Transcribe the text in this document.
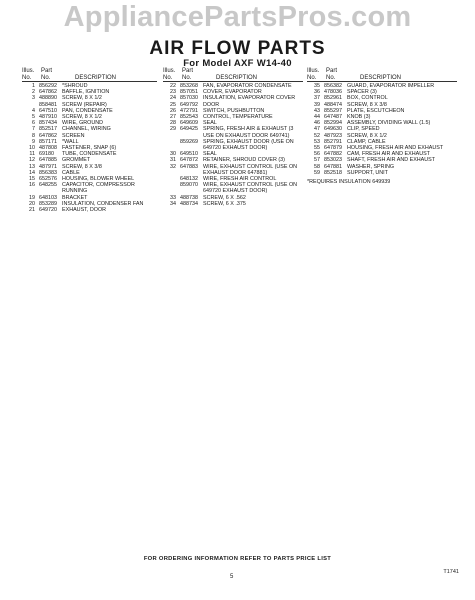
AppliancePartsPros.com
AIR FLOW PARTS
For Model AXF W14-40
Illus. Part
No. No.	DESCRIPTION
1 856292 *SHROUD
2 647862 BAFFLE, IGNITION
3 488890 SCREW, 8 X 1/2
858481 SCREW (REPAIR)
4 647510 PAN, CONDENSATE
5 487910 SCREW, 8 X 1/2
6 857434 WIRE, GROUND
7 852517 CHANNEL, WIRING
8 647862 SCREEN
9 857171 *WALL
10 487808 FASTENER, SNAP (6)
11 69180	TUBE, CONDENSATE
12 647885 GROMMET
13 487971 SCREW, 8 X 3/8
14 856383 CABLE
15 652576 HOUSING, BLOWER WHEEL
16 648255 CAPACITOR, COMPRESSOR RUNNING
19 648103 BRACKET
20 853289 INSULATION, CONDENSER FAN
21 649720 EXHAUST, DOOR
Illus. Part
No. No.	DESCRIPTION
22 853268 FAN, EVAPORATOR CONDENSATE
23 857051 COVER, EVAPORATOR
24 857030 INSULATION, EVAPORATOR COVER
25 649792 DOOR
26 472791 SWITCH, PUSHBUTTON
27 852543 CONTROL, TEMPERATURE
28 649609 SEAL
29 649425 SPRING, FRESH AIR & EXHAUST (3 USE ON EXHAUST DOOR 649741)
859269 SPRING, EXHAUST DOOR (USE ON 649720 EXHAUST DOOR)
30 649510 SEAL
31 647872 RETAINER, SHROUD COVER (3)
32 647883 WIRE, EXHAUST CONTROL (USE ON EXHAUST DOOR 647881)
648132 WIRE, FRESH AIR CONTROL
859070 WIRE, EXHAUST CONTROL (USE ON 649720 EXHAUST DOOR)
33 488738 SCREW, 6 X .562
34 488734 SCREW, 6 X .375
Illus. Part
No. No.	DESCRIPTION
35 856382 GUARD, EVAPORATOR IMPELLER
36 478036 SPACER (3)
37 852961 BOX, CONTROL
39 488474 SCREW, 8 X 3/8
43 855297 PLATE, ESCUTCHEON
44 647487 KNOB (3)
46 852994 ASSEMBLY, DIVIDING WALL (1.5)
47 649630 CLIP, SPEED
52 487923 SCREW, 8 X 1/2
53 852791 CLAMP, CABLE
55 647879 HOUSING, FRESH AIR AND EXHAUST
56 647882 CAM, FRESH AIR AND EXHAUST
57 853023 SHAFT, FRESH AIR AND EXHAUST
58 647881 WASHER, SPRING
59 852518 SUPPORT, UNIT
*REQUIRES INSULATION 649939
FOR ORDERING INFORMATION REFER TO PARTS PRICE LIST
5
T1741
